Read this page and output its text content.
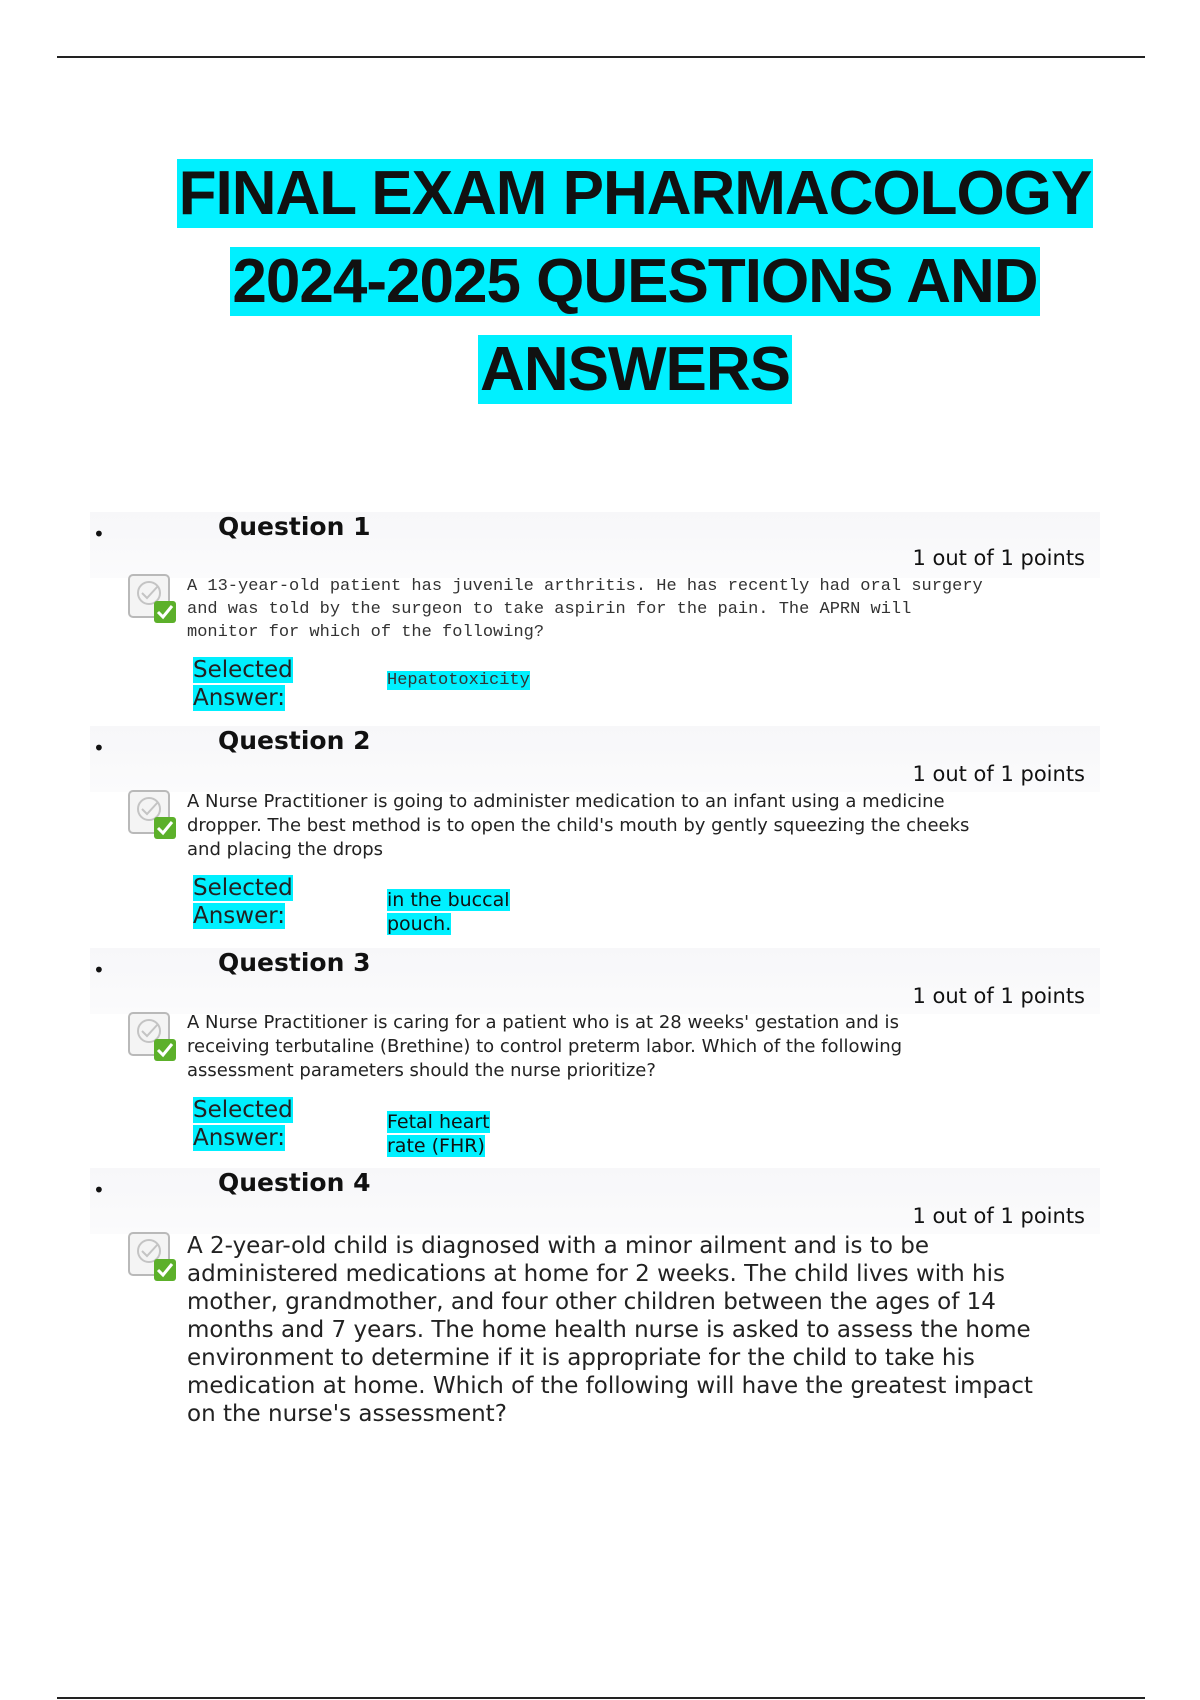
FINAL EXAM PHARMACOLOGY
2024-2025 QUESTIONS AND
ANSWERS
•	Question 1
1 out of 1 points
A 13-year-old patient has juvenile arthritis. He has recently had oral surgery and was told by the surgeon to take aspirin for the pain. The APRN will monitor for which of the following?
Selected
Answer:
Hepatotoxicity
•	Question 2
1 out of 1 points
A Nurse Practitioner is going to administer medication to an infant using a medicine dropper. The best method is to open the child's mouth by gently squeezing the cheeks and placing the drops
Selected
Answer:
in the buccal
pouch.
•	Question 3
1 out of 1 points
A Nurse Practitioner is caring for a patient who is at 28 weeks' gestation and is receiving terbutaline (Brethine) to control preterm labor. Which of the following assessment parameters should the nurse prioritize?
Selected
Answer:
Fetal heart
rate (FHR)
•	Question 4
1 out of 1 points
A 2-year-old child is diagnosed with a minor ailment and is to be administered medications at home for 2 weeks. The child lives with his mother, grandmother, and four other children between the ages of 14 months and 7 years. The home health nurse is asked to assess the home environment to determine if it is appropriate for the child to take his medication at home. Which of the following will have the greatest impact on the nurse's assessment?
